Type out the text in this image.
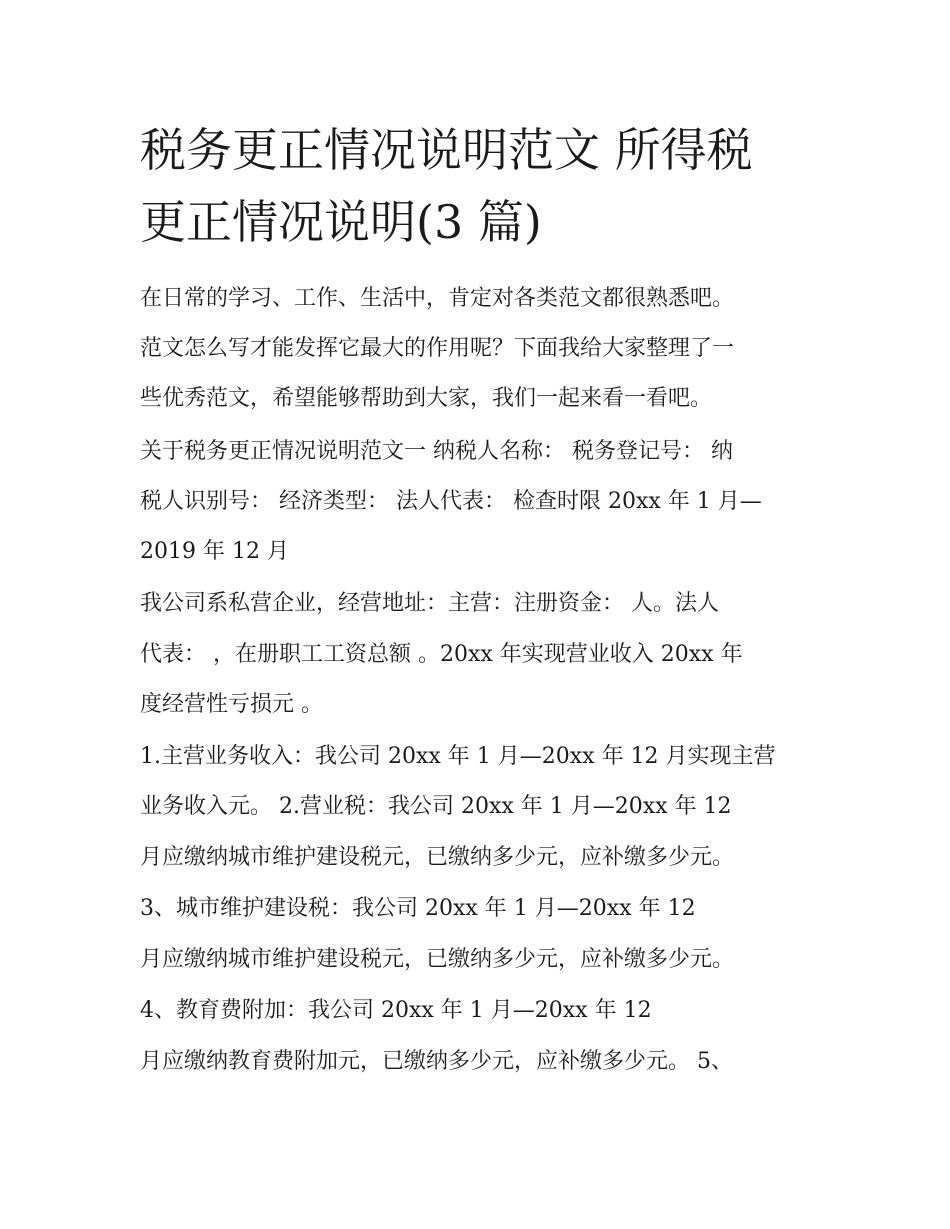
税务更正情况说明范文 所得税
更正情况说明(3 篇)

在日常的学习、工作、生活中，肯定对各类范文都很熟悉吧。

范文怎么写才能发挥它最大的作用呢？下面我给大家整理了一

些优秀范文，希望能够帮助到大家，我们一起来看一看吧。

关于税务更正情况说明范文一 纳税人名称： 税务登记号： 纳

税人识别号： 经济类型： 法人代表： 检查时限 20xx 年 1 月—

2019 年 12 月

我公司系私营企业，经营地址：主营：注册资金： 人。法人

代表： ，在册职工工资总额 。20xx 年实现营业收入 20xx 年

度经营性亏损元 。

1.主营业务收入：我公司 20xx 年 1 月—20xx 年 12 月实现主营

业务收入元。 2.营业税：我公司 20xx 年 1 月—20xx 年 12

月应缴纳城市维护建设税元，已缴纳多少元，应补缴多少元。

3、城市维护建设税：我公司 20xx 年 1 月—20xx 年 12

月应缴纳城市维护建设税元，已缴纳多少元，应补缴多少元。

4、教育费附加：我公司 20xx 年 1 月—20xx 年 12

月应缴纳教育费附加元，已缴纳多少元，应补缴多少元。 5、
